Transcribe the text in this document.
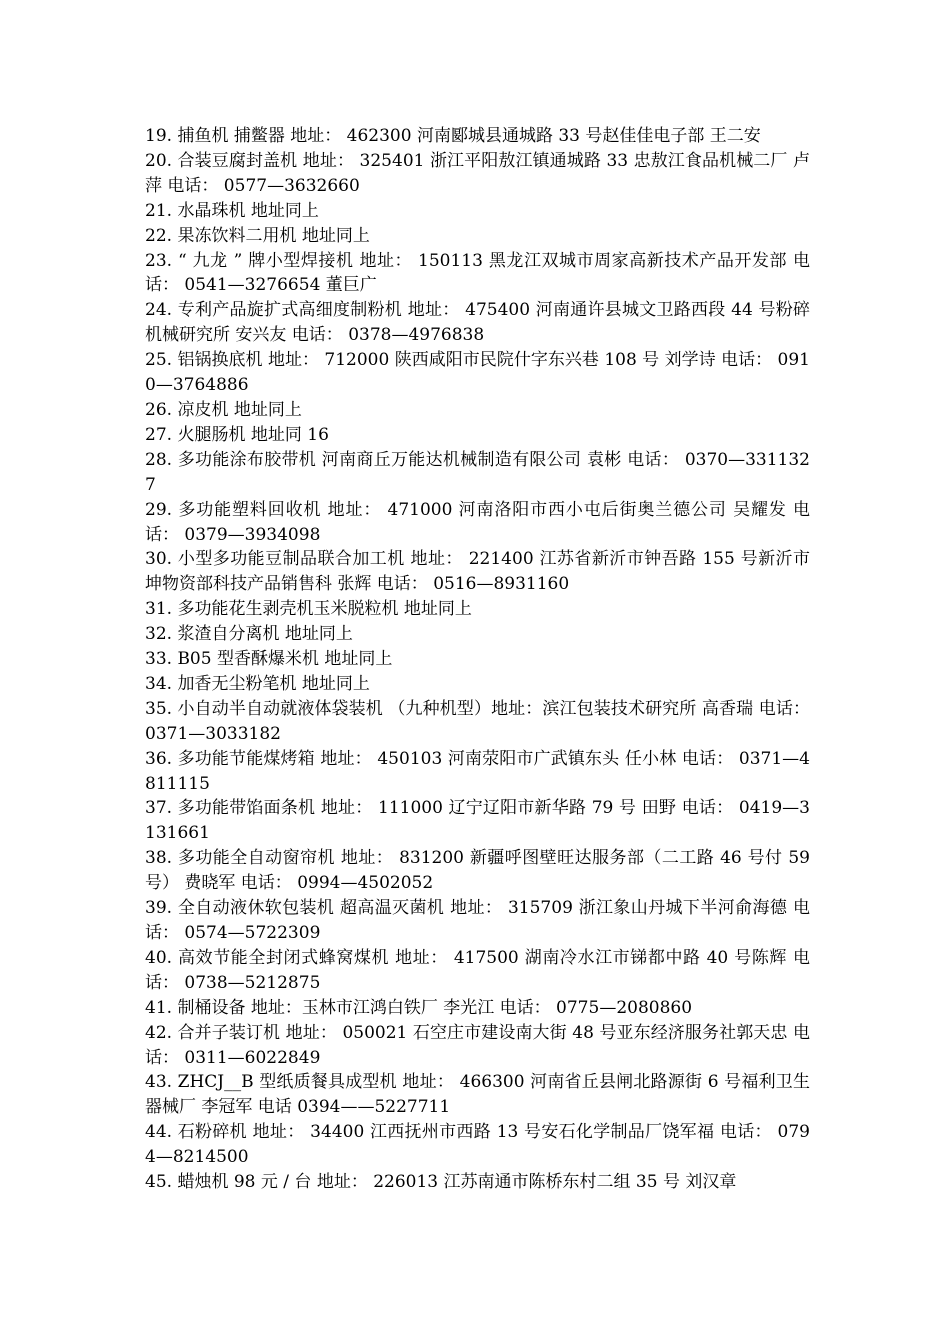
19. 捕鱼机 捕鳖器 地址： 462300 河南郾城县通城路 33 号赵佳佳电子部 王二安

20. 合装豆腐封盖机 地址： 325401 浙江平阳敖江镇通城路 33 忠敖江食品机械二厂 卢萍 电话： 0577—3632660

21. 水晶珠机 地址同上

22. 果冻饮料二用机 地址同上

23. “ 九龙 ” 牌小型焊接机 地址： 150113 黑龙江双城市周家高新技术产品开发部 电话： 0541—3276654 董巨广

24. 专利产品旋扩式高细度制粉机 地址： 475400 河南通许县城文卫路西段 44 号粉碎机械研究所 安兴友 电话： 0378—4976838

25. 铝锅换底机 地址： 712000 陕西咸阳市民院什字东兴巷 108 号 刘学诗 电话： 0910—3764886

26. 凉皮机 地址同上

27. 火腿肠机 地址同 16

28. 多功能涂布胶带机 河南商丘万能达机械制造有限公司 袁彬 电话： 0370—3311327

29. 多功能塑料回收机 地址： 471000 河南洛阳市西小屯后街奥兰德公司 吴耀发 电话： 0379—3934098

30. 小型多功能豆制品联合加工机 地址： 221400 江苏省新沂市钟吾路 155 号新沂市坤物资部科技产品销售科 张辉 电话： 0516—8931160

31. 多功能花生剥壳机玉米脱粒机 地址同上

32. 浆渣自分离机 地址同上

33. B05 型香酥爆米机 地址同上

34. 加香无尘粉笔机 地址同上

35. 小自动半自动就液体袋装机 （九种机型）地址：滨江包装技术研究所 高香瑞 电话： 0371—3033182

36. 多功能节能煤烤箱 地址： 450103 河南荥阳市广武镇东头 任小林 电话： 0371—4811115

37. 多功能带馅面条机 地址： 111000 辽宁辽阳市新华路 79 号 田野 电话： 0419—3131661

38. 多功能全自动窗帘机 地址： 831200 新疆呼图壁旺达服务部（二工路 46 号付 59 号） 费晓军 电话： 0994—4502052

39. 全自动液休软包装机 超高温灭菌机 地址： 315709 浙江象山丹城下半河俞海德 电话： 0574—5722309

40. 高效节能全封闭式蜂窝煤机 地址： 417500 湖南冷水江市锑都中路 40 号陈辉 电话： 0738—5212875

41. 制桶设备 地址：玉林市江鸿白铁厂 李光江 电话： 0775—2080860

42. 合并子装订机 地址： 050021 石空庄市建设南大街 48 号亚东经济服务社郭天忠 电话： 0311—6022849

43. ZHCJ__B 型纸质餐具成型机 地址： 466300 河南省丘县闸北路源街 6 号福利卫生器械厂 李冠军 电话 0394——5227711

44. 石粉碎机 地址： 34400 江西抚州市西路 13 号安石化学制品厂饶军福 电话： 0794—8214500

45. 蜡烛机 98 元 / 台 地址： 226013 江苏南通市陈桥东村二组 35 号 刘汉章
